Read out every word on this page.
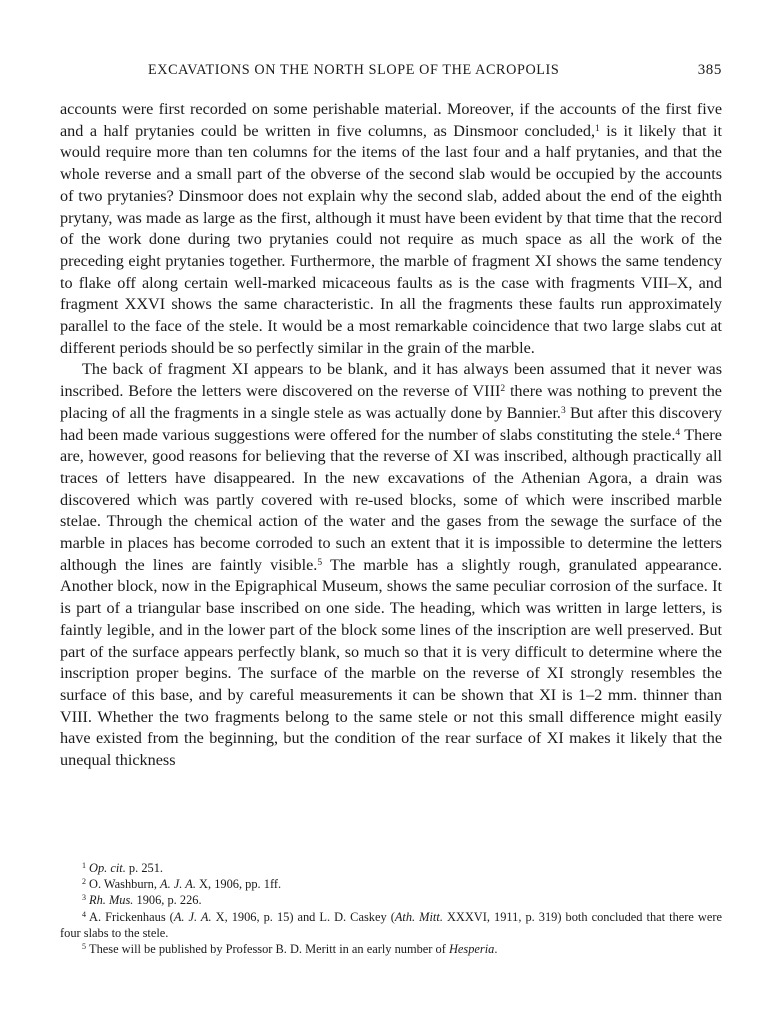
EXCAVATIONS ON THE NORTH SLOPE OF THE ACROPOLIS	385

accounts were first recorded on some perishable material. Moreover, if the accounts of the first five and a half prytanies could be written in five columns, as Dinsmoor concluded,$^1$ is it likely that it would require more than ten columns for the items of the last four and a half prytanies, and that the whole reverse and a small part of the obverse of the second slab would be occupied by the accounts of two prytanies? Dinsmoor does not explain why the second slab, added about the end of the eighth prytany, was made as large as the first, although it must have been evident by that time that the record of the work done during two prytanies could not require as much space as all the work of the preceding eight prytanies together. Furthermore, the marble of fragment XI shows the same tendency to flake off along certain well-marked micaceous faults as is the case with fragments VIII–X, and fragment XXVI shows the same characteristic. In all the fragments these faults run approximately parallel to the face of the stele. It would be a most remarkable coincidence that two large slabs cut at different periods should be so perfectly similar in the grain of the marble.

The back of fragment XI appears to be blank, and it has always been assumed that it never was inscribed. Before the letters were discovered on the reverse of VIII$^2$ there was nothing to prevent the placing of all the fragments in a single stele as was actually done by Bannier.$^3$ But after this discovery had been made various suggestions were offered for the number of slabs constituting the stele.$^4$ There are, however, good reasons for believing that the reverse of XI was inscribed, although practically all traces of letters have disappeared. In the new excavations of the Athenian Agora, a drain was discovered which was partly covered with re-used blocks, some of which were inscribed marble stelae. Through the chemical action of the water and the gases from the sewage the surface of the marble in places has become corroded to such an extent that it is impossible to determine the letters although the lines are faintly visible.$^5$ The marble has a slightly rough, granulated appearance. Another block, now in the Epigraphical Museum, shows the same peculiar corrosion of the surface. It is part of a triangular base inscribed on one side. The heading, which was written in large letters, is faintly legible, and in the lower part of the block some lines of the inscription are well preserved. But part of the surface appears perfectly blank, so much so that it is very difficult to determine where the inscription proper begins. The surface of the marble on the reverse of XI strongly resembles the surface of this base, and by careful measurements it can be shown that XI is 1–2 mm. thinner than VIII. Whether the two fragments belong to the same stele or not this small difference might easily have existed from the beginning, but the condition of the rear surface of XI makes it likely that the unequal thickness

$^1$ Op. cit. p. 251.

$^2$ O. Washburn, A. J. A. X, 1906, pp. 1ff.

$^3$ Rh. Mus. 1906, p. 226.

$^4$ A. Frickenhaus (A. J. A. X, 1906, p. 15) and L. D. Caskey (Ath. Mitt. XXXVI, 1911, p. 319) both concluded that there were four slabs to the stele.

$^5$ These will be published by Professor B. D. Meritt in an early number of Hesperia.
